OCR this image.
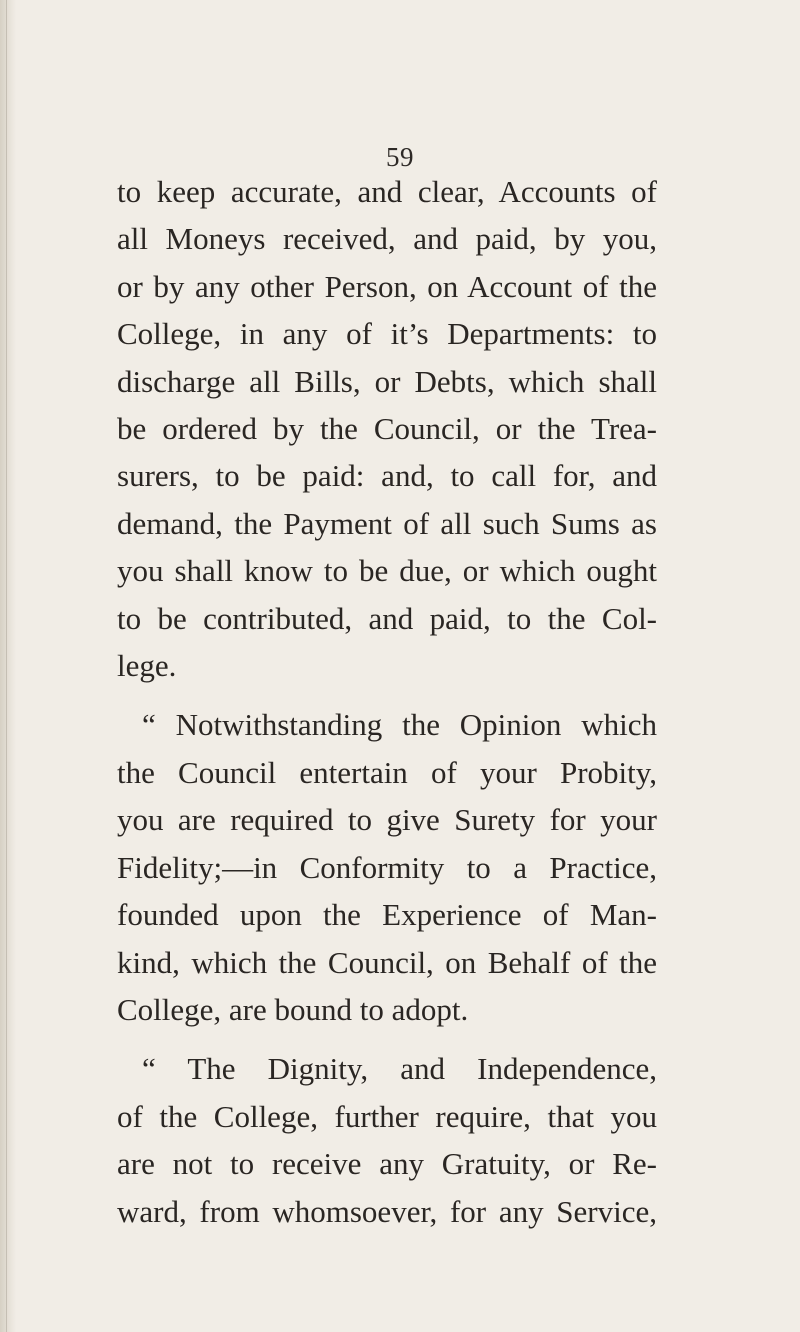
59
to keep accurate, and clear, Accounts of
all Moneys received, and paid, by you,
or by any other Person, on Account of the
College, in any of it’s Departments: to
discharge all Bills, or Debts, which shall
be ordered by the Council, or the Trea-
surers, to be paid: and, to call for, and
demand, the Payment of all such Sums as
you shall know to be due, or which ought
to be contributed, and paid, to the Col-
lege.
“ Notwithstanding the Opinion which
the Council entertain of your Probity,
you are required to give Surety for your
Fidelity;—in Conformity to a Practice,
founded upon the Experience of Man-
kind, which the Council, on Behalf of the
College, are bound to adopt.
“ The Dignity, and Independence,
of the College, further require, that you
are not to receive any Gratuity, or Re-
ward, from whomsoever, for any Service,
